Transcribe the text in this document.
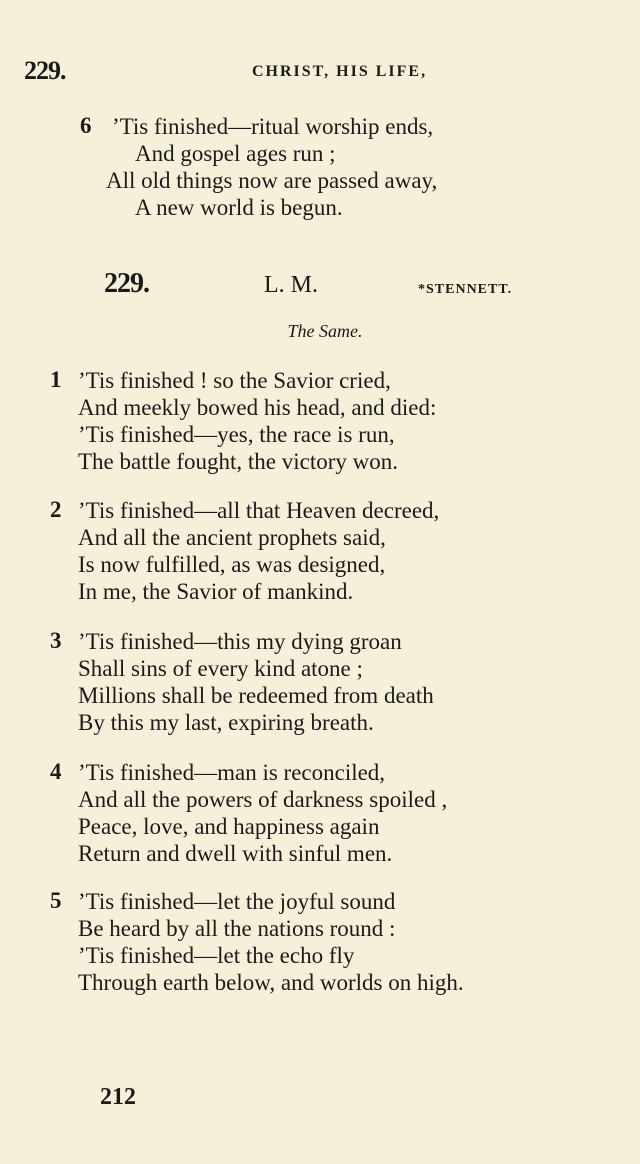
229.	CHRIST, HIS LIFE,
6 ’Tis finished—ritual worship ends,
And gospel ages run ;
All old things now are passed away,
A new world is begun.
229.	L. M.	*STENNETT.
The Same.
1 ’Tis finished ! so the Savior cried,
And meekly bowed his head, and died:
’Tis finished—yes, the race is run,
The battle fought, the victory won.
2 ’Tis finished—all that Heaven decreed,
And all the ancient prophets said,
Is now fulfilled, as was designed,
In me, the Savior of mankind.
3 ’Tis finished—this my dying groan
Shall sins of every kind atone ;
Millions shall be redeemed from death
By this my last, expiring breath.
4 ’Tis finished—man is reconciled,
And all the powers of darkness spoiled ,
Peace, love, and happiness again
Return and dwell with sinful men.
5 ’Tis finished—let the joyful sound
Be heard by all the nations round :
’Tis finished—let the echo fly
Through earth below, and worlds on high.
212
